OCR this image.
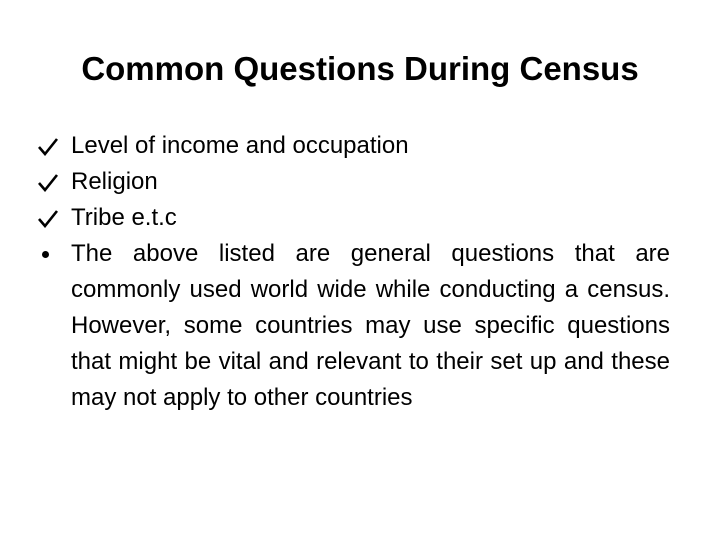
Common Questions During Census
Level of income and occupation
Religion
Tribe e.t.c
The above listed are general questions that are commonly used world wide while conducting a census. However, some countries may use specific questions that might be vital and relevant to their set up and these may not apply to other countries
